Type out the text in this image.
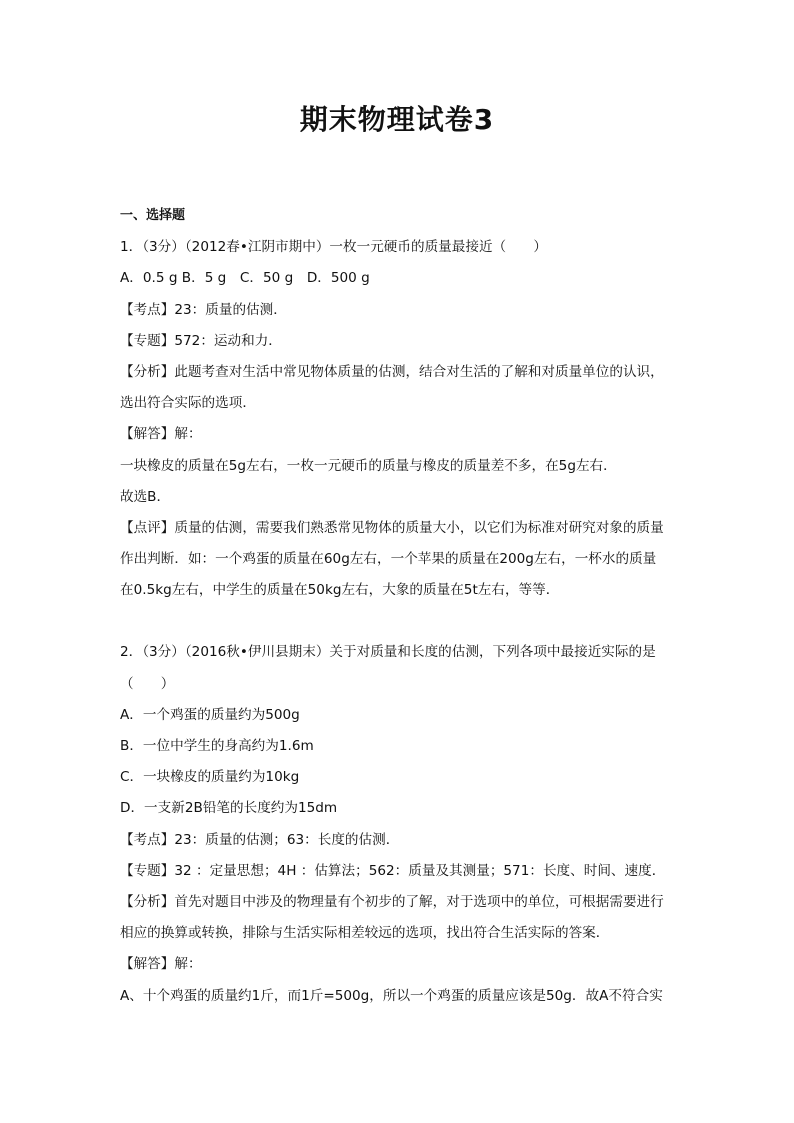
期末物理试卷3
一、选择题
1．（3分）（2012春•江阴市期中）一枚一元硬币的质量最接近（　　）
A．0.5 g B．5 g　C．50 g　D．500 g
【考点】23：质量的估测．
【专题】572：运动和力．
【分析】此题考查对生活中常见物体质量的估测，结合对生活的了解和对质量单位的认识，
选出符合实际的选项．
【解答】解：
一块橡皮的质量在5g左右，一枚一元硬币的质量与橡皮的质量差不多，在5g左右．
故选B．
【点评】质量的估测，需要我们熟悉常见物体的质量大小，以它们为标准对研究对象的质量
作出判断．如：一个鸡蛋的质量在60g左右，一个苹果的质量在200g左右，一杯水的质量
在0.5kg左右，中学生的质量在50kg左右，大象的质量在5t左右，等等．
2．（3分）（2016秋•伊川县期末）关于对质量和长度的估测，下列各项中最接近实际的是
（　　）
A．一个鸡蛋的质量约为500g
B．一位中学生的身高约为1.6m
C．一块橡皮的质量约为10kg
D．一支新2B铅笔的长度约为15dm
【考点】23：质量的估测；63：长度的估测．
【专题】32 ：定量思想；4H ：估算法；562：质量及其测量；571：长度、时间、速度．
【分析】首先对题目中涉及的物理量有个初步的了解，对于选项中的单位，可根据需要进行
相应的换算或转换，排除与生活实际相差较远的选项，找出符合生活实际的答案．
【解答】解：
A、十个鸡蛋的质量约1斤，而1斤=500g，所以一个鸡蛋的质量应该是50g．故A不符合实
